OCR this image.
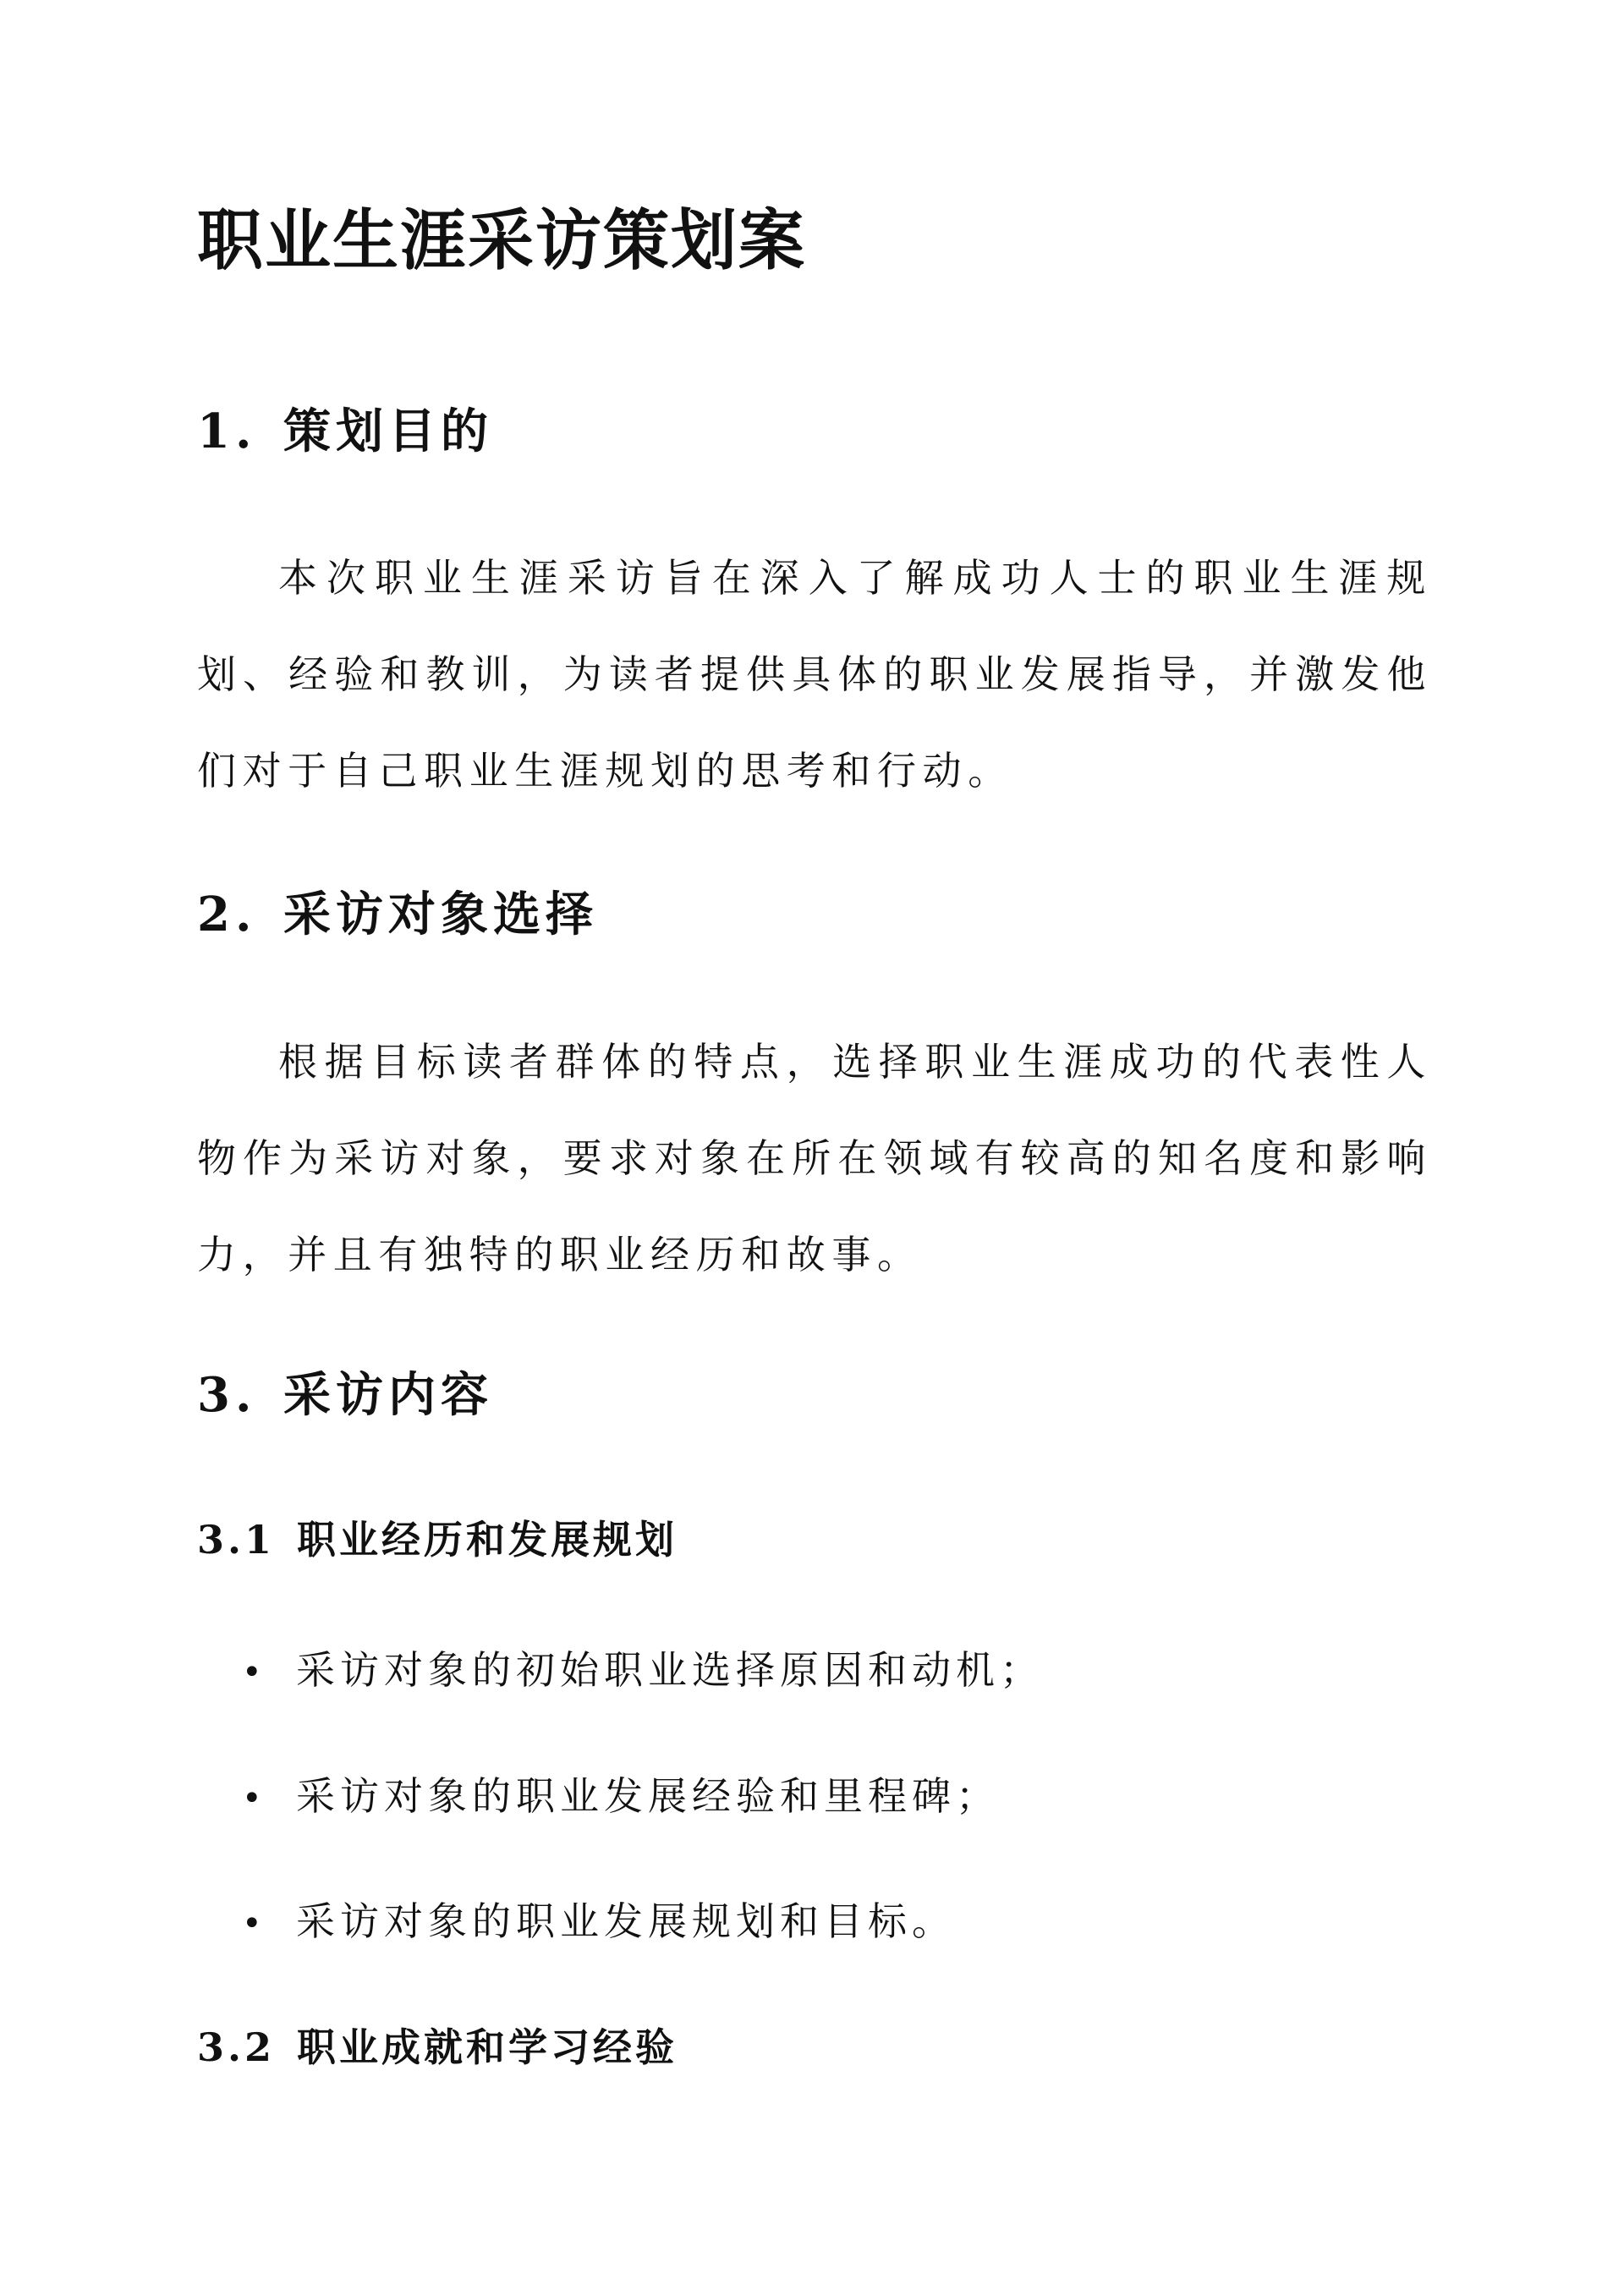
职业生涯采访策划案
1. 策划目的

本次职业生涯采访旨在深入了解成功人士的职业生涯规划、经验和教训，为读者提供具体的职业发展指导，并激发他们对于自己职业生涯规划的思考和行动。

2. 采访对象选择

根据目标读者群体的特点，选择职业生涯成功的代表性人物作为采访对象，要求对象在所在领域有较高的知名度和影响力，并且有独特的职业经历和故事。

3. 采访内容
3.1 职业经历和发展规划

• 采访对象的初始职业选择原因和动机；

• 采访对象的职业发展经验和里程碑；

• 采访对象的职业发展规划和目标。

3.2 职业成就和学习经验
